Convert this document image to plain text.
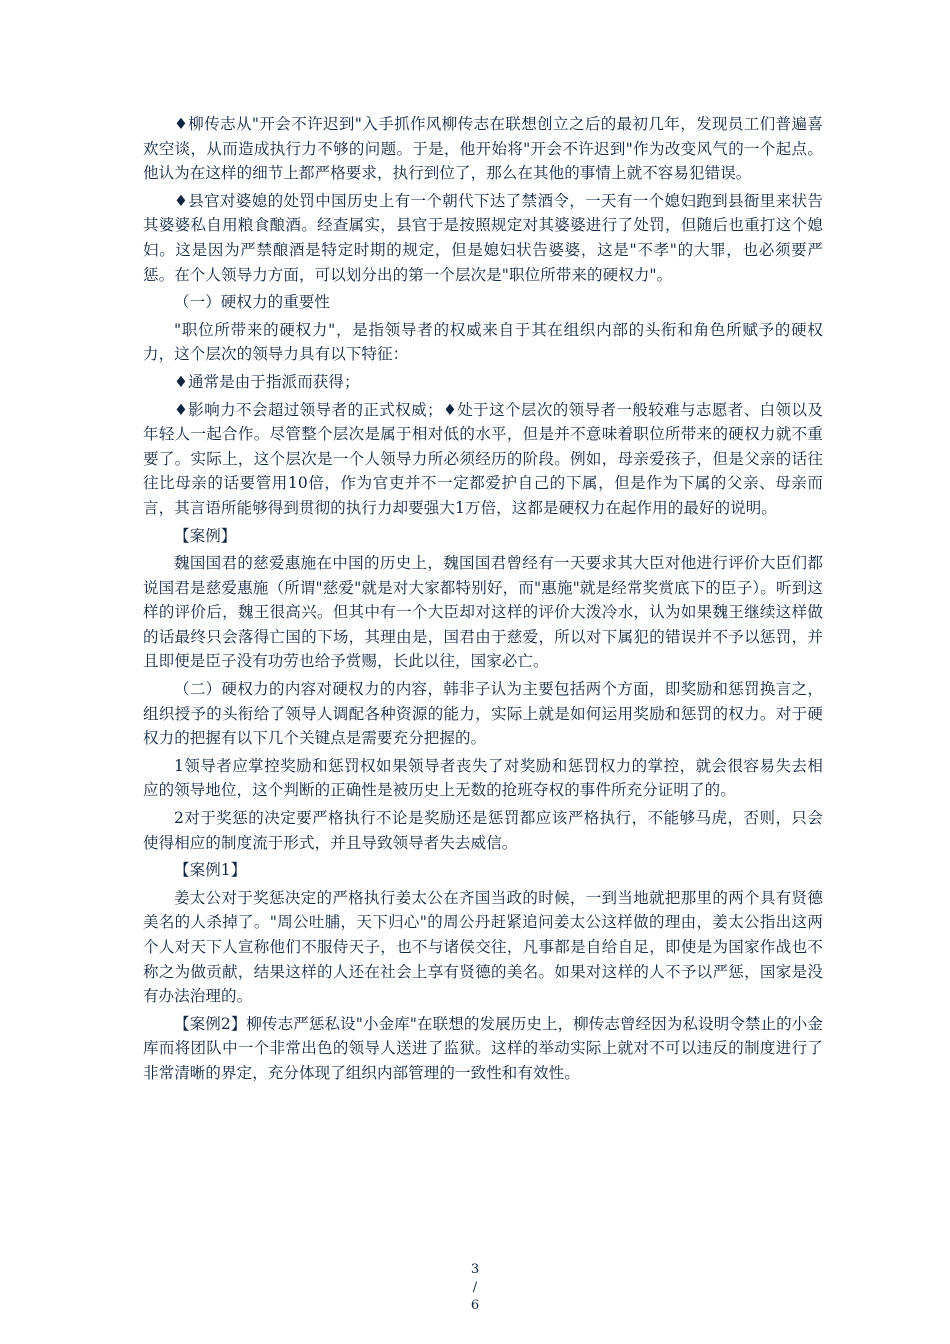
♦柳传志从"开会不许迟到"入手抓作风柳传志在联想创立之后的最初几年，发现员工们普遍喜欢空谈，从而造成执行力不够的问题。于是，他开始将"开会不许迟到"作为改变风气的一个起点。他认为在这样的细节上都严格要求，执行到位了，那么在其他的事情上就不容易犯错误。

♦县官对婆媳的处罚中国历史上有一个朝代下达了禁酒令，一天有一个媳妇跑到县衙里来状告其婆婆私自用粮食酿酒。经查属实，县官于是按照规定对其婆婆进行了处罚，但随后也重打这个媳妇。这是因为严禁酿酒是特定时期的规定，但是媳妇状告婆婆，这是"不孝"的大罪，也必须要严惩。在个人领导力方面，可以划分出的第一个层次是"职位所带来的硬权力"。

（一）硬权力的重要性

"职位所带来的硬权力"，是指领导者的权威来自于其在组织内部的头衔和角色所赋予的硬权力，这个层次的领导力具有以下特征：

♦通常是由于指派而获得；

♦影响力不会超过领导者的正式权威；♦处于这个层次的领导者一般较难与志愿者、白领以及年轻人一起合作。尽管整个层次是属于相对低的水平，但是并不意味着职位所带来的硬权力就不重要了。实际上，这个层次是一个人领导力所必须经历的阶段。例如，母亲爱孩子，但是父亲的话往往比母亲的话要管用10倍，作为官吏并不一定都爱护自己的下属，但是作为下属的父亲、母亲而言，其言语所能够得到贯彻的执行力却要强大1万倍，这都是硬权力在起作用的最好的说明。

【案例】

魏国国君的慈爱惠施在中国的历史上，魏国国君曾经有一天要求其大臣对他进行评价大臣们都说国君是慈爱惠施（所谓"慈爱"就是对大家都特别好，而"惠施"就是经常奖赏底下的臣子）。听到这样的评价后，魏王很高兴。但其中有一个大臣却对这样的评价大泼冷水，认为如果魏王继续这样做的话最终只会落得亡国的下场，其理由是，国君由于慈爱，所以对下属犯的错误并不予以惩罚，并且即便是臣子没有功劳也给予赏赐，长此以往，国家必亡。

（二）硬权力的内容对硬权力的内容，韩非子认为主要包括两个方面，即奖励和惩罚换言之，组织授予的头衔给了领导人调配各种资源的能力，实际上就是如何运用奖励和惩罚的权力。对于硬权力的把握有以下几个关键点是需要充分把握的。

1领导者应掌控奖励和惩罚权如果领导者丧失了对奖励和惩罚权力的掌控，就会很容易失去相应的领导地位，这个判断的正确性是被历史上无数的抢班夺权的事件所充分证明了的。

2对于奖惩的决定要严格执行不论是奖励还是惩罚都应该严格执行，不能够马虎，否则，只会使得相应的制度流于形式，并且导致领导者失去威信。

【案例1】

姜太公对于奖惩决定的严格执行姜太公在齐国当政的时候，一到当地就把那里的两个具有贤德美名的人杀掉了。"周公吐脯，天下归心"的周公丹赶紧追问姜太公这样做的理由，姜太公指出这两个人对天下人宣称他们不服侍天子，也不与诸侯交往，凡事都是自给自足，即使是为国家作战也不称之为做贡献，结果这样的人还在社会上享有贤德的美名。如果对这样的人不予以严惩，国家是没有办法治理的。

【案例2】柳传志严惩私设"小金库"在联想的发展历史上，柳传志曾经因为私设明令禁止的小金库而将团队中一个非常出色的领导人送进了监狱。这样的举动实际上就对不可以违反的制度进行了非常清晰的界定，充分体现了组织内部管理的一致性和有效性。

3
/
6
